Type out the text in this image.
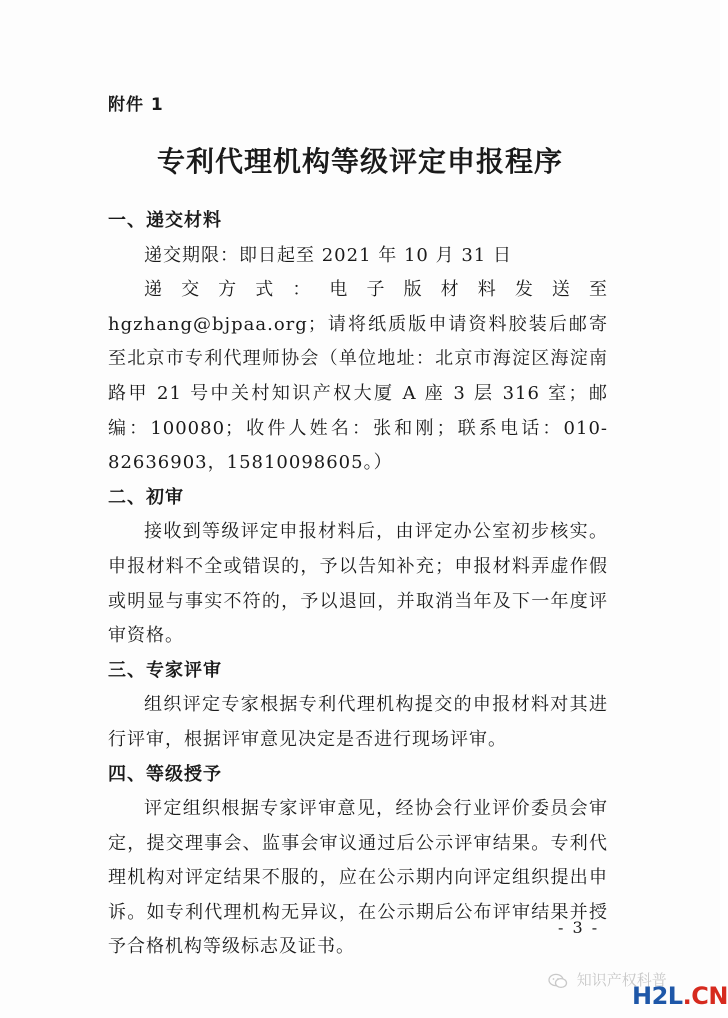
附件 1
专利代理机构等级评定申报程序
一、递交材料
递交期限：即日起至 2021 年 10 月 31 日
递交方式：电子版材料发送至 hgzhang@bjpaa.org；请将纸质版申请资料胶装后邮寄至北京市专利代理师协会（单位地址：北京市海淀区海淀南路甲 21 号中关村知识产权大厦 A 座 3 层 316 室；邮编：100080；收件人姓名：张和刚；联系电话：010-82636903，15810098605。）
二、初审
接收到等级评定申报材料后，由评定办公室初步核实。申报材料不全或错误的，予以告知补充；申报材料弄虚作假或明显与事实不符的，予以退回，并取消当年及下一年度评审资格。
三、专家评审
组织评定专家根据专利代理机构提交的申报材料对其进行评审，根据评审意见决定是否进行现场评审。
四、等级授予
评定组织根据专家评审意见，经协会行业评价委员会审定，提交理事会、监事会审议通过后公示评审结果。专利代理机构对评定结果不服的，应在公示期内向评定组织提出申诉。如专利代理机构无异议，在公示期后公布评审结果并授予合格机构等级标志及证书。
- 3 -
知识产权科普
H2L.CN
